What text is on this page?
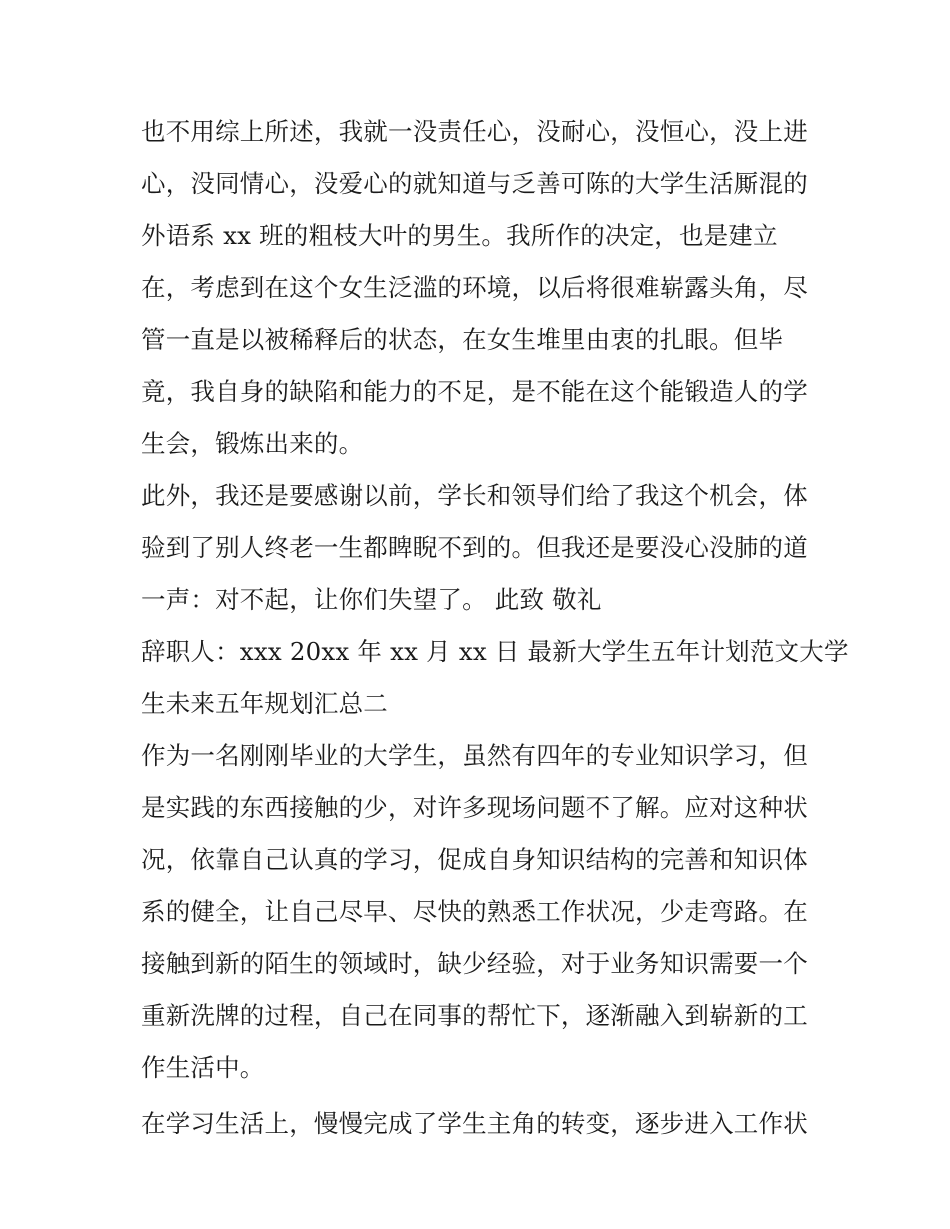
也不用综上所述，我就一没责任心，没耐心，没恒心，没上进
心，没同情心，没爱心的就知道与乏善可陈的大学生活厮混的
外语系 xx 班的粗枝大叶的男生。我所作的决定，也是建立
在，考虑到在这个女生泛滥的环境，以后将很难崭露头角，尽
管一直是以被稀释后的状态，在女生堆里由衷的扎眼。但毕
竟，我自身的缺陷和能力的不足，是不能在这个能锻造人的学
生会，锻炼出来的。
此外，我还是要感谢以前，学长和领导们给了我这个机会，体
验到了别人终老一生都睥睨不到的。但我还是要没心没肺的道
一声：对不起，让你们失望了。 此致 敬礼
辞职人：xxx 20xx 年 xx 月 xx 日 最新大学生五年计划范文大学
生未来五年规划汇总二
作为一名刚刚毕业的大学生，虽然有四年的专业知识学习，但
是实践的东西接触的少，对许多现场问题不了解。应对这种状
况，依靠自己认真的学习，促成自身知识结构的完善和知识体
系的健全，让自己尽早、尽快的熟悉工作状况，少走弯路。在
接触到新的陌生的领域时，缺少经验，对于业务知识需要一个
重新洗牌的过程，自己在同事的帮忙下，逐渐融入到崭新的工
作生活中。
在学习生活上，慢慢完成了学生主角的转变，逐步进入工作状
